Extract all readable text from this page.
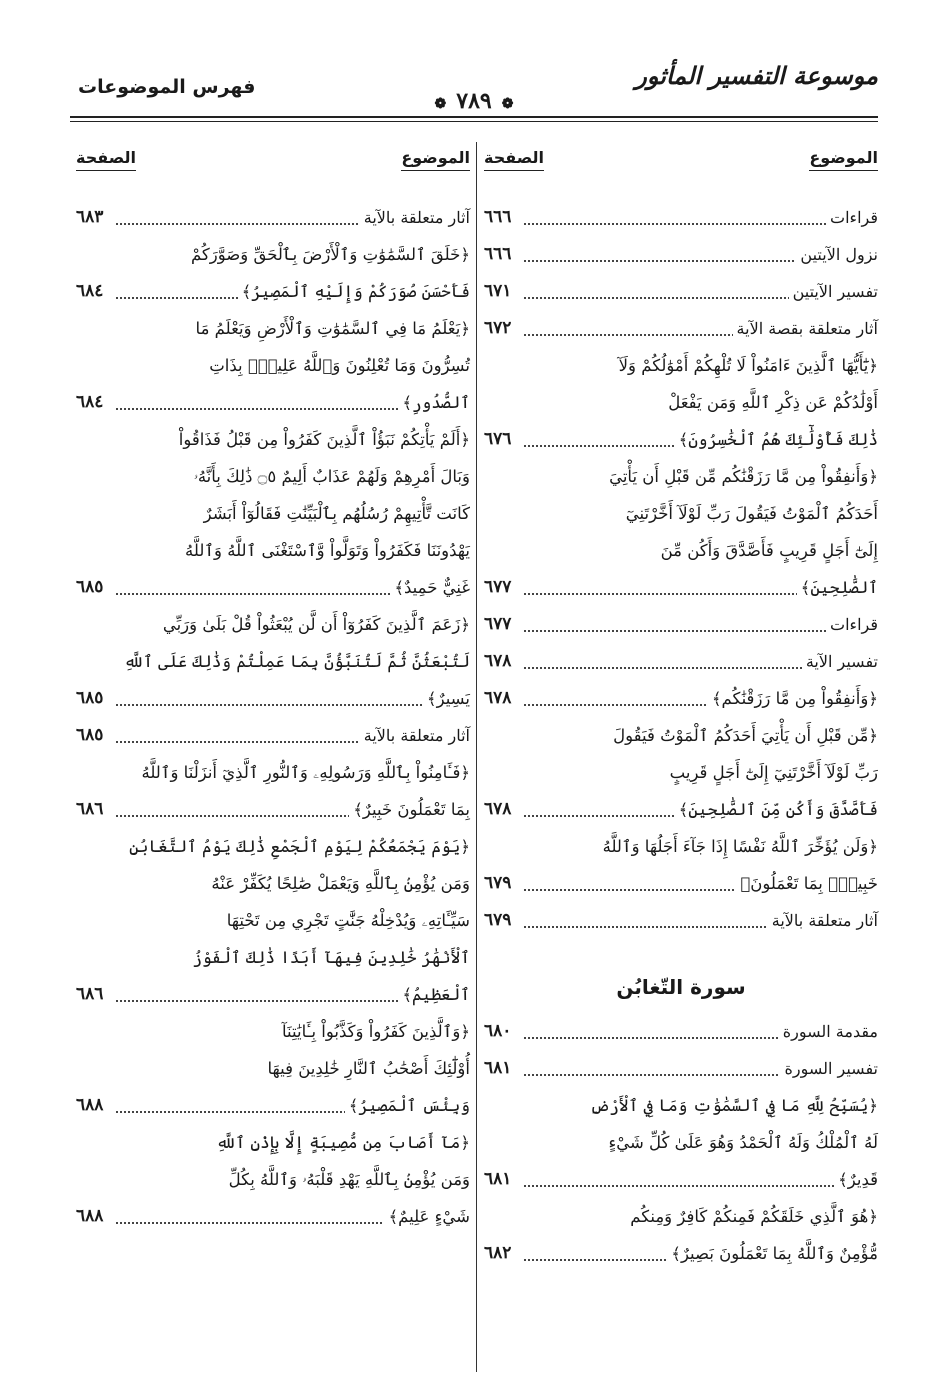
موسوعة التفسير المأثور
❁٧٨٩❁
فهرس الموضوعات
الموضوع
الصفحة
قراءات
٦٦٦
نزول الآيتين
٦٦٦
تفسير الآيتين
٦٧١
آثار متعلقة بقصة الآية
٦٧٢
﴿يَٰٓأَيُّهَا ٱلَّذِينَ ءَامَنُواْ لَا تُلْهِكُمْ أَمْوَٰلُكُمْ وَلَآ
أَوْلَٰدُكُمْ عَن ذِكْرِ ٱللَّهِ وَمَن يَفْعَلْ
ذَٰلِكَ فَأُوْلَٰٓئِكَ هُمُ ٱلْخَٰسِرُونَ﴾
٦٧٦
﴿وَأَنفِقُواْ مِن مَّا رَزَقْنَٰكُم مِّن قَبْلِ أَن يَأْتِيَ
أَحَدَكُمُ ٱلْمَوْتُ فَيَقُولَ رَبِّ لَوْلَآ أَخَّرْتَنِيٓ
إِلَىٰٓ أَجَلٍ قَرِيبٍ فَأَصَّدَّقَ وَأَكُن مِّنَ
ٱلصَّٰلِحِينَ﴾
٦٧٧
قراءات
٦٧٧
تفسير الآية
٦٧٨
﴿وَأَنفِقُواْ مِن مَّا رَزَقْنَٰكُم﴾
٦٧٨
﴿مِّن قَبْلِ أَن يَأْتِيَ أَحَدَكُمُ ٱلْمَوْتُ فَيَقُولَ
رَبِّ لَوْلَآ أَخَّرْتَنِيٓ إِلَىٰٓ أَجَلٍ قَرِيبٍ
فَأَصَّدَّقَ وَأَكُن مِّنَ ٱلصَّٰلِحِينَ﴾
٦٧٨
﴿وَلَن يُؤَخِّرَ ٱللَّهُ نَفْسًا إِذَا جَآءَ أَجَلُهَا وَٱللَّهُ
خَبِيرُۢ بِمَا تَعْمَلُونَ﴾
٦٧٩
آثار متعلقة بالآية
٦٧٩
سورة التّغابُن
مقدمة السورة
٦٨٠
تفسير السورة
٦٨١
﴿يُسَبِّحُ لِلَّهِ مَا فِي ٱلسَّمَٰوَٰتِ وَمَا فِي ٱلْأَرْضِ
لَهُ ٱلْمُلْكُ وَلَهُ ٱلْحَمْدُ وَهُوَ عَلَىٰ كُلِّ شَيْءٍ
قَدِيرٌ﴾
٦٨١
﴿هُوَ ٱلَّذِي خَلَقَكُمْ فَمِنكُمْ كَافِرٌ وَمِنكُم
مُّؤْمِنٌ وَٱللَّهُ بِمَا تَعْمَلُونَ بَصِيرٌ﴾
٦٨٢
الموضوع
الصفحة
آثار متعلقة بالآية
٦٨٣
﴿خَلَقَ ٱلسَّمَٰوَٰتِ وَٱلْأَرْضَ بِٱلْحَقِّ وَصَوَّرَكُمْ
فَأَحْسَنَ صُوَرَكُمْ وَإِلَيْهِ ٱلْمَصِيرُ﴾
٦٨٤
﴿يَعْلَمُ مَا فِي ٱلسَّمَٰوَٰتِ وَٱلْأَرْضِ وَيَعْلَمُ مَا
تُسِرُّونَ وَمَا تُعْلِنُونَ وَٱللَّهُ عَلِيمُۢ بِذَاتِ
ٱلصُّدُورِ﴾
٦٨٤
﴿أَلَمْ يَأْتِكُمْ نَبَؤُاْ ٱلَّذِينَ كَفَرُواْ مِن قَبْلُ فَذَاقُواْ
وَبَالَ أَمْرِهِمْ وَلَهُمْ عَذَابٌ أَلِيمٌ ۝٥ ذَٰلِكَ بِأَنَّهُۥ
كَانَت تَّأْتِيهِمْ رُسُلُهُم بِٱلْبَيِّنَٰتِ فَقَالُوٓاْ أَبَشَرٌ
يَهْدُونَنَا فَكَفَرُواْ وَتَوَلَّواْ وَّٱسْتَغْنَى ٱللَّهُ وَٱللَّهُ
غَنِيٌّ حَمِيدٌ﴾
٦٨٥
﴿زَعَمَ ٱلَّذِينَ كَفَرُوٓاْ أَن لَّن يُبْعَثُواْ قُلْ بَلَىٰ وَرَبِّي
لَتُبْعَثُنَّ ثُمَّ لَتُنَبَّؤُنَّ بِمَا عَمِلْتُمْ وَذَٰلِكَ عَلَى ٱللَّهِ
يَسِيرٌ﴾
٦٨٥
آثار متعلقة بالآية
٦٨٥
﴿فَـَٔامِنُواْ بِٱللَّهِ وَرَسُولِهِۦ وَٱلنُّورِ ٱلَّذِيٓ أَنزَلْنَا وَٱللَّهُ
بِمَا تَعْمَلُونَ خَبِيرٌ﴾
٦٨٦
﴿يَوْمَ يَجْمَعُكُمْ لِيَوْمِ ٱلْجَمْعِ ذَٰلِكَ يَوْمُ ٱلتَّغَابُنِ
وَمَن يُؤْمِنۢ بِٱللَّهِ وَيَعْمَلْ صَٰلِحًا يُكَفِّرْ عَنْهُ
سَيِّـَٔاتِهِۦ وَيُدْخِلْهُ جَنَّٰتٍ تَجْرِي مِن تَحْتِهَا
ٱلْأَنْهَٰرُ خَٰلِدِينَ فِيهَآ أَبَدًا ذَٰلِكَ ٱلْفَوْزُ
ٱلْعَظِيمُ﴾
٦٨٦
﴿وَٱلَّذِينَ كَفَرُواْ وَكَذَّبُواْ بِـَٔايَٰتِنَآ
أُوْلَٰٓئِكَ أَصْحَٰبُ ٱلنَّارِ خَٰلِدِينَ فِيهَا
وَبِئْسَ ٱلْمَصِيرُ﴾
٦٨٨
﴿مَآ أَصَابَ مِن مُّصِيبَةٍ إِلَّا بِإِذْنِ ٱللَّهِ
وَمَن يُؤْمِنۢ بِٱللَّهِ يَهْدِ قَلْبَهُۥ وَٱللَّهُ بِكُلِّ
شَيْءٍ عَلِيمٌ﴾
٦٨٨
